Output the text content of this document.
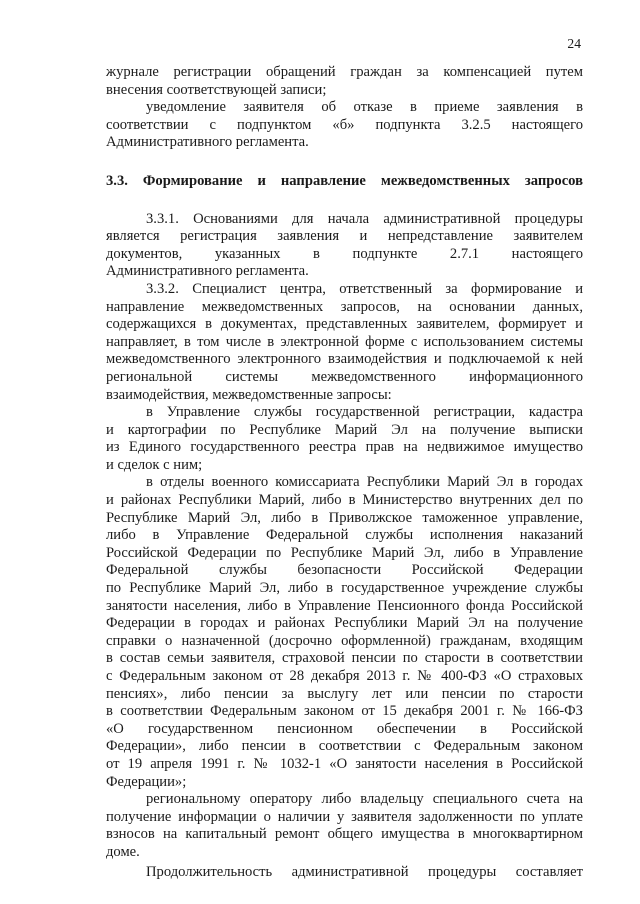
24
журнале регистрации обращений граждан за компенсацией путем
внесения соответствующей записи;
уведомление заявителя об отказе в приеме заявления в
соответствии с подпунктом «б» подпункта 3.2.5 настоящего
Административного регламента.
3.3. Формирование и направление межведомственных запросов
3.3.1. Основаниями для начала административной процедуры
является регистрация заявления и непредставление заявителем
документов, указанных в подпункте 2.7.1 настоящего
Административного регламента.
3.3.2. Специалист центра, ответственный за формирование и
направление межведомственных запросов, на основании данных,
содержащихся в документах, представленных заявителем, формирует и
направляет, в том числе в электронной форме с использованием системы
межведомственного электронного взаимодействия и подключаемой к ней
региональной системы межведомственного информационного
взаимодействия, межведомственные запросы:
в Управление службы государственной регистрации, кадастра
и картографии по Республике Марий Эл на получение выписки
из Единого государственного реестра прав на недвижимое имущество
и сделок с ним;
в отделы военного комиссариата Республики Марий Эл в городах
и районах Республики Марий, либо в Министерство внутренних дел по
Республике Марий Эл, либо в Приволжское таможенное управление,
либо в Управление Федеральной службы исполнения наказаний
Российской Федерации по Республике Марий Эл, либо в Управление
Федеральной службы безопасности Российской Федерации
по Республике Марий Эл, либо в государственное учреждение службы
занятости населения, либо в Управление Пенсионного фонда Российской
Федерации в городах и районах Республики Марий Эл на получение
справки о назначенной (досрочно оформленной) гражданам, входящим
в состав семьи заявителя, страховой пенсии по старости в соответствии
с Федеральным законом от 28 декабря 2013 г. № 400-ФЗ «О страховых
пенсиях», либо пенсии за выслугу лет или пенсии по старости
в соответствии Федеральным законом от 15 декабря 2001 г. № 166-ФЗ
«О государственном пенсионном обеспечении в Российской
Федерации», либо пенсии в соответствии с Федеральным законом
от 19 апреля 1991 г. № 1032-1 «О занятости населения в Российской
Федерации»;
региональному оператору либо владельцу специального счета на
получение информации о наличии у заявителя задолженности по уплате
взносов на капитальный ремонт общего имущества в многоквартирном
доме.
Продолжительность административной процедуры составляет
